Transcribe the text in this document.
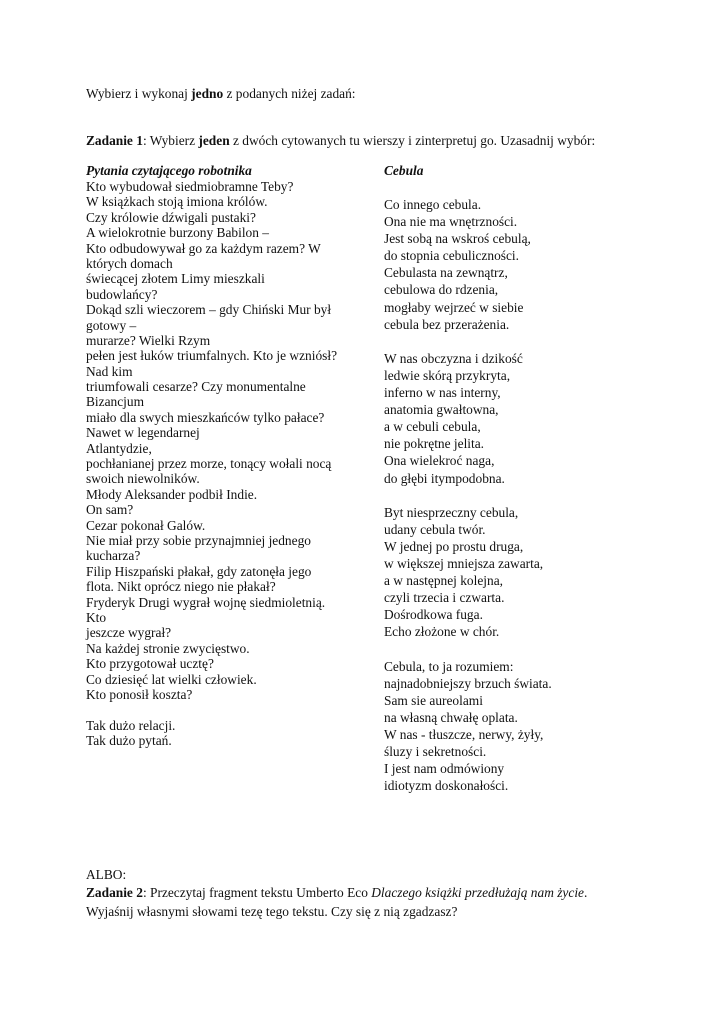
Wybierz i wykonaj jedno z podanych niżej zadań:
Zadanie 1: Wybierz jeden z dwóch cytowanych tu wierszy i zinterpretuj go. Uzasadnij wybór:
Pytania czytającego robotnika
Kto wybudował siedmiobramne Teby?
W książkach stoją imiona królów.
Czy królowie dźwigali pustaki?
A wielokrotnie burzony Babilon –
Kto odbudowywał go za każdym razem? W
których domach
świecącej złotem Limy mieszkali
budowlańcy?
Dokąd szli wieczorem – gdy Chiński Mur był
gotowy –
murarze? Wielki Rzym
pełen jest łuków triumfalnych. Kto je wzniósł?
Nad kim
triumfowali cesarze? Czy monumentalne
Bizancjum
miało dla swych mieszkańców tylko pałace?
Nawet w legendarnej
Atlantydzie,
pochłanianej przez morze, tonący wołali nocą
swoich niewolników.
Młody Aleksander podbił Indie.
On sam?
Cezar pokonał Galów.
Nie miał przy sobie przynajmniej jednego
kucharza?
Filip Hiszpański płakał, gdy zatonęła jego
flota. Nikt oprócz niego nie płakał?
Fryderyk Drugi wygrał wojnę siedmioletnią.
Kto
jeszcze wygrał?
Na każdej stronie zwycięstwo.
Kto przygotował ucztę?
Co dziesięć lat wielki człowiek.
Kto ponosił koszta?
Tak dużo relacji.
Tak dużo pytań.
Cebula
Co innego cebula.
Ona nie ma wnętrzności.
Jest sobą na wskroś cebulą,
do stopnia cebuliczności.
Cebulasta na zewnątrz,
cebulowa do rdzenia,
mogłaby wejrzeć w siebie
cebula bez przerażenia.
W nas obczyzna i dzikość
ledwie skórą przykryta,
inferno w nas interny,
anatomia gwałtowna,
a w cebuli cebula,
nie pokrętne jelita.
Ona wielekroć naga,
do głębi itympodobna.
Byt niesprzeczny cebula,
udany cebula twór.
W jednej po prostu druga,
w większej mniejsza zawarta,
a w następnej kolejna,
czyli trzecia i czwarta.
Dośrodkowa fuga.
Echo złożone w chór.
Cebula, to ja rozumiem:
najnadobniejszy brzuch świata.
Sam sie aureolami
na własną chwałę oplata.
W nas - tłuszcze, nerwy, żyły,
śluzy i sekretności.
I jest nam odmówiony
idiotyzm doskonałości.
ALBO:
Zadanie 2: Przeczytaj fragment tekstu Umberto Eco Dlaczego książki przedłużają nam życie.
Wyjaśnij własnymi słowami tezę tego tekstu. Czy się z nią zgadzasz?
